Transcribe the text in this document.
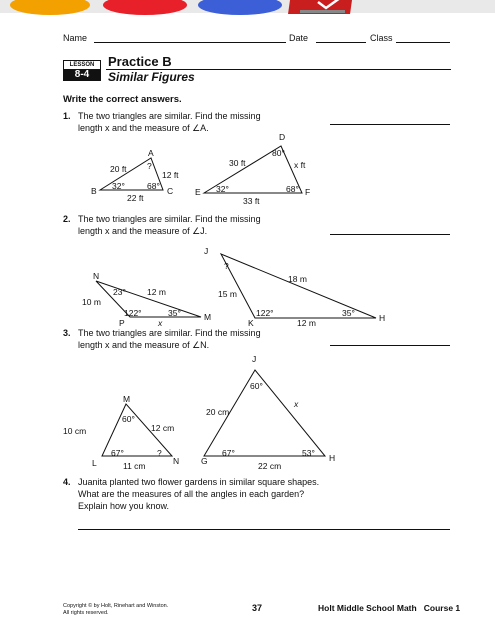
Name	Date	Class
LESSON
8-4
Practice B
Similar Figures
Write the correct answers.
1. The two triangles are similar. Find the missing
length x and the measure of ∠A.
A
B	C
?
20 ft
12 ft
22 ft
32°	68°
D
E	F
80°
30 ft	x ft
33 ft
32°	68°
2. The two triangles are similar. Find the missing
length x and the measure of ∠J.
N
P
M
23°
10 m
12 m
122°	35°
x
J
K	H
?
15 m
18 m
122°	35°
12 m
3. The two triangles are similar. Find the missing
length x and the measure of ∠N.
M
L	N
60°
10 cm	12 cm
67°	?
11 cm
J
G	H
60°
20 cm
x
67°	53°
22 cm
4. Juanita planted two flower gardens in similar square shapes.
What are the measures of all the angles in each garden?
Explain how you know.
Copyright © by Holt, Rinehart and Winston.
All rights reserved.	37	Holt Middle School Math   Course 1
